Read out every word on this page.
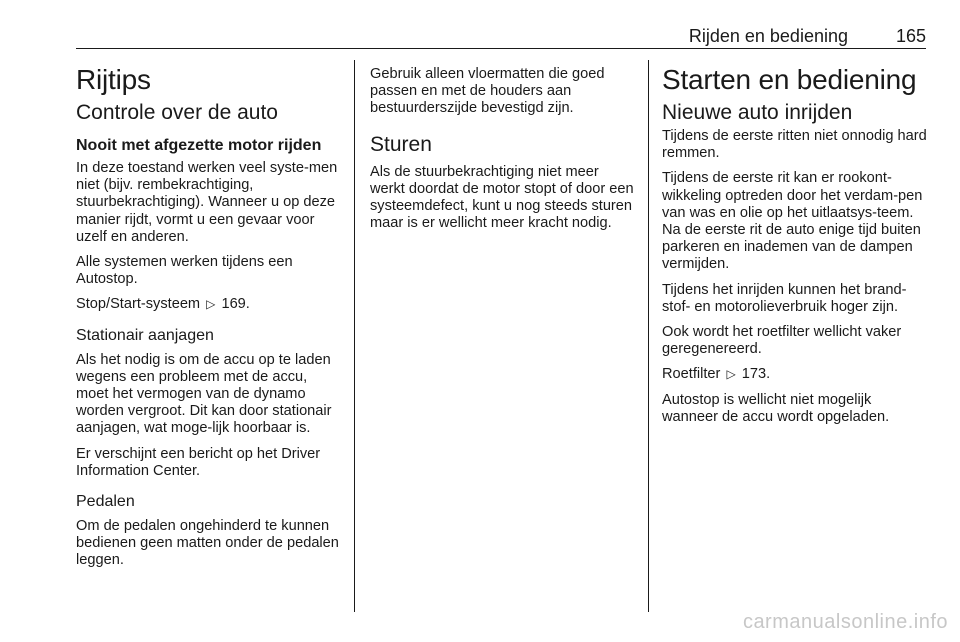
Rijden en bediening	165
Rijtips
Controle over de auto
Nooit met afgezette motor rijden

In deze toestand werken veel syste-men niet (bijv. rembekrachtiging, stuurbekrachtiging). Wanneer u op deze manier rijdt, vormt u een gevaar voor uzelf en anderen.

Alle systemen werken tijdens een Autostop.

Stop/Start-systeem ▷ 169.

Stationair aanjagen

Als het nodig is om de accu op te laden wegens een probleem met de accu, moet het vermogen van de dynamo worden vergroot. Dit kan door stationair aanjagen, wat moge-lijk hoorbaar is.

Er verschijnt een bericht op het Driver Information Center.

Pedalen

Om de pedalen ongehinderd te kunnen bedienen geen matten onder de pedalen leggen.

Gebruik alleen vloermatten die goed passen en met de houders aan bestuurderszijde bevestigd zijn.

Sturen

Als de stuurbekrachtiging niet meer werkt doordat de motor stopt of door een systeemdefect, kunt u nog steeds sturen maar is er wellicht meer kracht nodig.

Starten en bediening
Nieuwe auto inrijden

Tijdens de eerste ritten niet onnodig hard remmen.

Tijdens de eerste rit kan er rookont-wikkeling optreden door het verdam-pen van was en olie op het uitlaatsys-teem. Na de eerste rit de auto enige tijd buiten parkeren en inademen van de dampen vermijden.

Tijdens het inrijden kunnen het brand-stof- en motorolieverbruik hoger zijn.

Ook wordt het roetfilter wellicht vaker geregenereerd.

Roetfilter ▷ 173.

Autostop is wellicht niet mogelijk wanneer de accu wordt opgeladen.

carmanualsonline.info
